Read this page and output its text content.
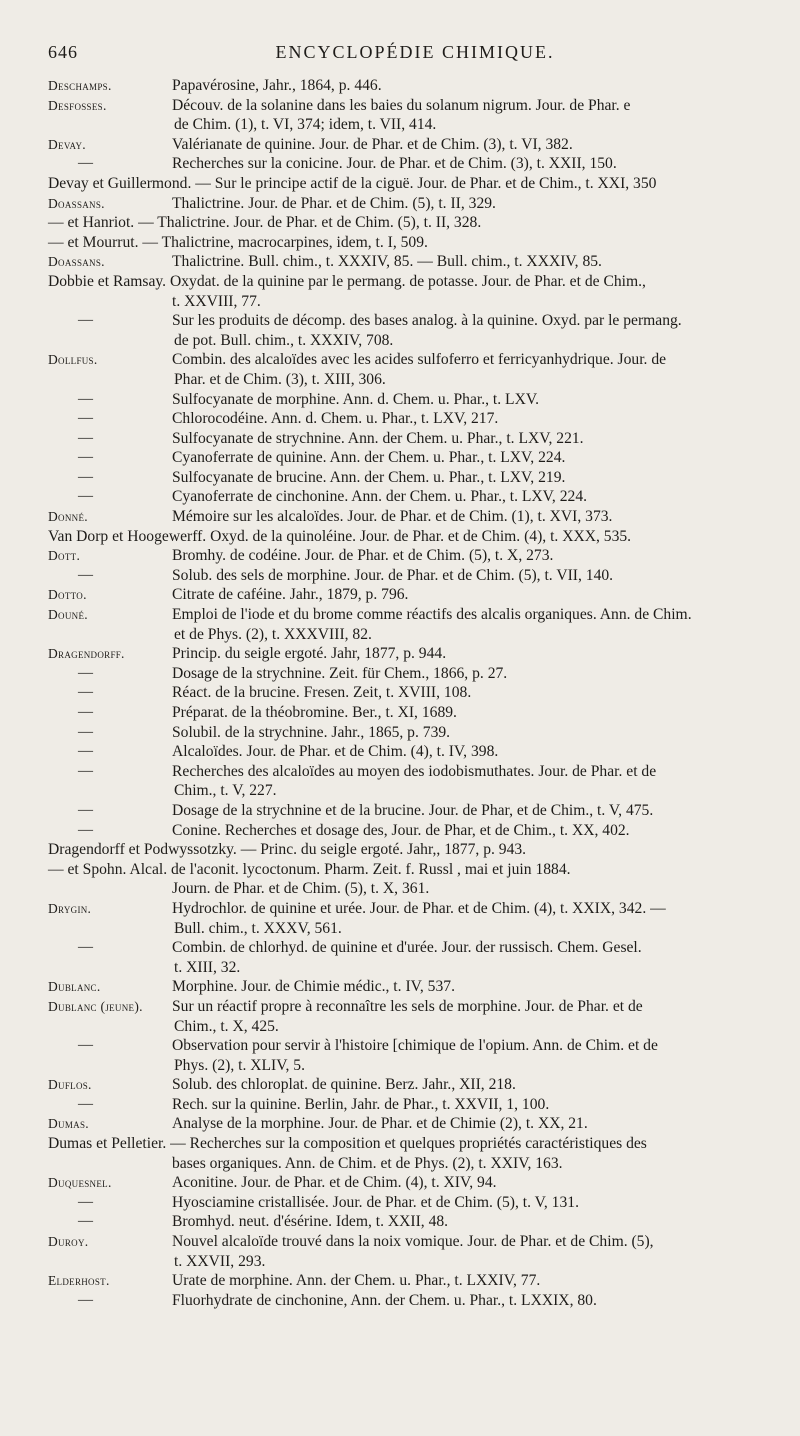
646	ENCYCLOPÉDIE CHIMIQUE.
Deschamps.	Papavérosine, Jahr., 1864, p. 446.
Desfosses.	Découv. de la solanine dans les baies du solanum nigrum. Jour. de Phar. e
de Chim. (1), t. VI, 374; idem, t. VII, 414.
Devay.	Valérianate de quinine. Jour. de Phar. et de Chim. (3), t. VI, 382.
—	Recherches sur la conicine. Jour. de Phar. et de Chim. (3), t. XXII, 150.
Devay et Guillermond. — Sur le principe actif de la ciguë. Jour. de Phar. et de Chim., t. XXI, 350
Doassans.	Thalictrine. Jour. de Phar. et de Chim. (5), t. II, 329.
— et Hanriot. — Thalictrine. Jour. de Phar. et de Chim. (5), t. II, 328.
— et Mourrut. — Thalictrine, macrocarpines, idem, t. I, 509.
Doassans.	Thalictrine. Bull. chim., t. XXXIV, 85. — Bull. chim., t. XXXIV, 85.
Dobbie et Ramsay. Oxydat. de la quinine par le permang. de potasse. Jour. de Phar. et de Chim.,
t. XXVIII, 77.
—	Sur les produits de décomp. des bases analog. à la quinine. Oxyd. par le permang.
de pot. Bull. chim., t. XXXIV, 708.
Dollfus.	Combin. des alcaloïdes avec les acides sulfoferro et ferricyanhydrique. Jour. de
Phar. et de Chim. (3), t. XIII, 306.
—	Sulfocyanate de morphine. Ann. d. Chem. u. Phar., t. LXV.
—	Chlorocodéine. Ann. d. Chem. u. Phar., t. LXV, 217.
—	Sulfocyanate de strychnine. Ann. der Chem. u. Phar., t. LXV, 221.
—	Cyanoferrate de quinine. Ann. der Chem. u. Phar., t. LXV, 224.
—	Sulfocyanate de brucine. Ann. der Chem. u. Phar., t. LXV, 219.
—	Cyanoferrate de cinchonine. Ann. der Chem. u. Phar., t. LXV, 224.
Donné.	Mémoire sur les alcaloïdes. Jour. de Phar. et de Chim. (1), t. XVI, 373.
Van Dorp et Hoogewerff. Oxyd. de la quinoléine. Jour. de Phar. et de Chim. (4), t. XXX, 535.
Dott.	Bromhy. de codéine. Jour. de Phar. et de Chim. (5), t. X, 273.
—	Solub. des sels de morphine. Jour. de Phar. et de Chim. (5), t. VII, 140.
Dotto.	Citrate de caféine. Jahr., 1879, p. 796.
Douné.	Emploi de l'iode et du brome comme réactifs des alcalis organiques. Ann. de Chim.
et de Phys. (2), t. XXXVIII, 82.
Dragendorff.	Princip. du seigle ergoté. Jahr, 1877, p. 944.
—	Dosage de la strychnine. Zeit. für Chem., 1866, p. 27.
—	Réact. de la brucine. Fresen. Zeit, t. XVIII, 108.
—	Préparat. de la théobromine. Ber., t. XI, 1689.
—	Solubil. de la strychnine. Jahr., 1865, p. 739.
—	Alcaloïdes. Jour. de Phar. et de Chim. (4), t. IV, 398.
—	Recherches des alcaloïdes au moyen des iodobismuthates. Jour. de Phar. et de
Chim., t. V, 227.
—	Dosage de la strychnine et de la brucine. Jour. de Phar, et de Chim., t. V, 475.
—	Conine. Recherches et dosage des, Jour. de Phar, et de Chim., t. XX, 402.
Dragendorff et Podwyssotzky. — Princ. du seigle ergoté. Jahr,, 1877, p. 943.
— et Spohn. Alcal. de l'aconit. lycoctonum. Pharm. Zeit. f. Russl , mai et juin 1884.
Journ. de Phar. et de Chim. (5), t. X, 361.
Drygin.	Hydrochlor. de quinine et urée. Jour. de Phar. et de Chim. (4), t. XXIX, 342. —
Bull. chim., t. XXXV, 561.
—	Combin. de chlorhyd. de quinine et d'urée. Jour. der russisch. Chem. Gesel.
t. XIII, 32.
Dublanc.	Morphine. Jour. de Chimie médic., t. IV, 537.
Dublanc (jeune). Sur un réactif propre à reconnaître les sels de morphine. Jour. de Phar. et de
Chim., t. X, 425.
—	Observation pour servir à l'histoire [chimique de l'opium. Ann. de Chim. et de
Phys. (2), t. XLIV, 5.
Duflos.	Solub. des chloroplat. de quinine. Berz. Jahr., XII, 218.
—	Rech. sur la quinine. Berlin, Jahr. de Phar., t. XXVII, 1, 100.
Dumas.	Analyse de la morphine. Jour. de Phar. et de Chimie (2), t. XX, 21.
Dumas et Pelletier. — Recherches sur la composition et quelques propriétés caractéristiques des
bases organiques. Ann. de Chim. et de Phys. (2), t. XXIV, 163.
Duquesnel.	Aconitine. Jour. de Phar. et de Chim. (4), t. XIV, 94.
—	Hyosciamine cristallisée. Jour. de Phar. et de Chim. (5), t. V, 131.
—	Bromhyd. neut. d'ésérine. Idem, t. XXII, 48.
Duroy.	Nouvel alcaloïde trouvé dans la noix vomique. Jour. de Phar. et de Chim. (5),
t. XXVII, 293.
Elderhost.	Urate de morphine. Ann. der Chem. u. Phar., t. LXXIV, 77.
—	Fluorhydrate de cinchonine, Ann. der Chem. u. Phar., t. LXXIX, 80.
